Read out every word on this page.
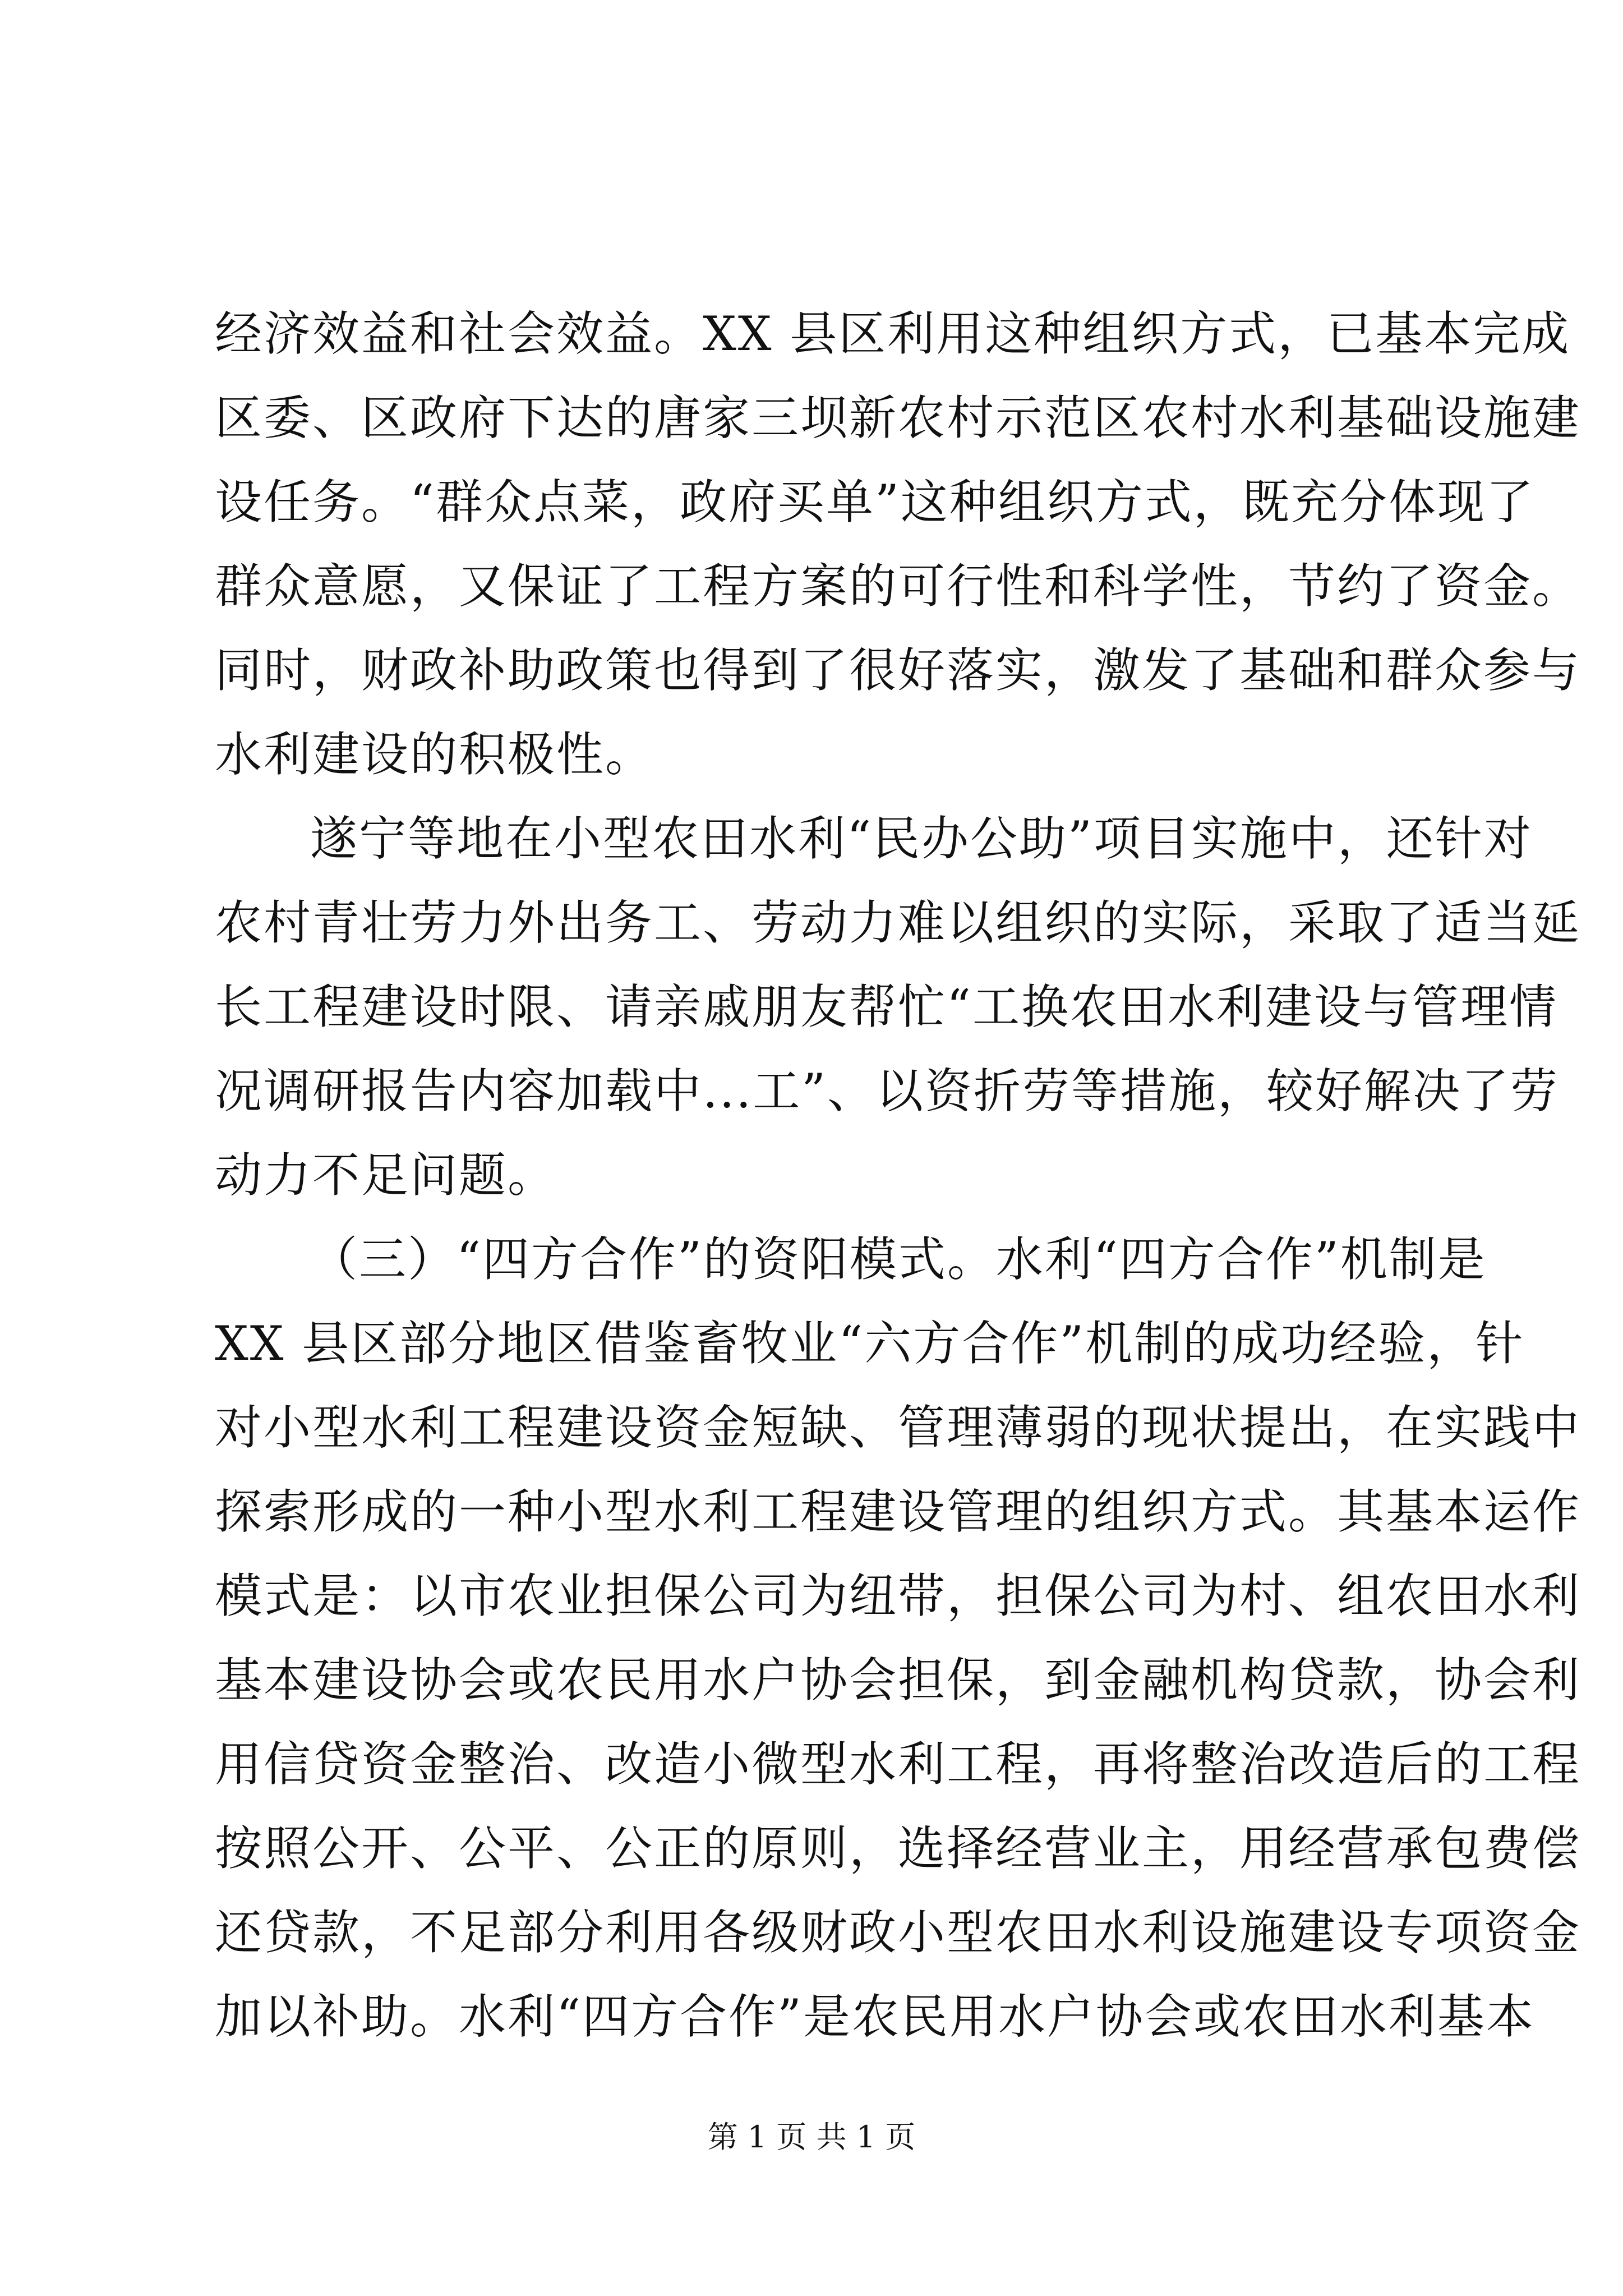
经济效益和社会效益。XX 县区利用这种组织方式，已基本完成
区委、区政府下达的唐家三坝新农村示范区农村水利基础设施建
设任务。“群众点菜，政府买单”这种组织方式，既充分体现了
群众意愿，又保证了工程方案的可行性和科学性，节约了资金。
同时，财政补助政策也得到了很好落实，激发了基础和群众参与
水利建设的积极性。
遂宁等地在小型农田水利“民办公助”项目实施中，还针对
农村青壮劳力外出务工、劳动力难以组织的实际，采取了适当延
长工程建设时限、请亲戚朋友帮忙“工换农田水利建设与管理情
况调研报告内容加载中...工”、以资折劳等措施，较好解决了劳
动力不足问题。
（三）“四方合作”的资阳模式。水利“四方合作”机制是
XX 县区部分地区借鉴畜牧业“六方合作”机制的成功经验，针
对小型水利工程建设资金短缺、管理薄弱的现状提出，在实践中
探索形成的一种小型水利工程建设管理的组织方式。其基本运作
模式是：以市农业担保公司为纽带，担保公司为村、组农田水利
基本建设协会或农民用水户协会担保，到金融机构贷款，协会利
用信贷资金整治、改造小微型水利工程，再将整治改造后的工程
按照公开、公平、公正的原则，选择经营业主，用经营承包费偿
还贷款，不足部分利用各级财政小型农田水利设施建设专项资金
加以补助。水利“四方合作”是农民用水户协会或农田水利基本
第 1 页 共 1 页
